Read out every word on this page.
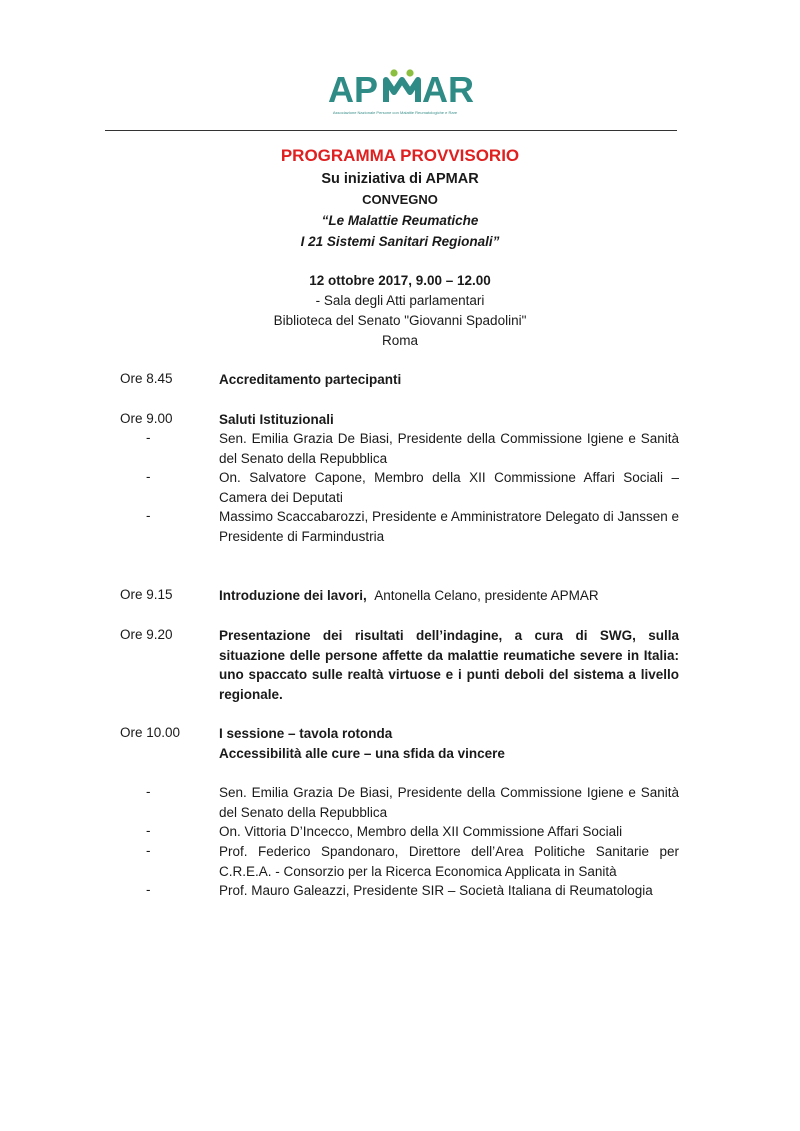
AP AR
Associazione Nazionale Persone con Malattie Reumatologiche e Rare
PROGRAMMA PROVVISORIO
Su iniziativa di APMAR
CONVEGNO
“Le Malattie Reumatiche
I 21 Sistemi Sanitari Regionali”
12 ottobre 2017, 9.00 – 12.00
- Sala degli Atti parlamentari
Biblioteca del Senato "Giovanni Spadolini"
Roma
Ore 8.45	Accreditamento partecipanti
Ore 9.00	Saluti Istituzionali
-	Sen. Emilia Grazia De Biasi, Presidente della Commissione Igiene e Sanità del Senato della Repubblica
-	On. Salvatore Capone, Membro della XII Commissione Affari Sociali – Camera dei Deputati
-	Massimo Scaccabarozzi, Presidente e Amministratore Delegato di Janssen e Presidente di Farmindustria
Ore 9.15	Introduzione dei lavori, Antonella Celano, presidente APMAR
Ore 9.20	Presentazione dei risultati dell’indagine, a cura di SWG, sulla situazione delle persone affette da malattie reumatiche severe in Italia: uno spaccato sulle realtà virtuose e i punti deboli del sistema a livello regionale.
Ore 10.00	I sessione – tavola rotonda
Accessibilità alle cure – una sfida da vincere
-	Sen. Emilia Grazia De Biasi, Presidente della Commissione Igiene e Sanità del Senato della Repubblica
-	On. Vittoria D’Incecco, Membro della XII Commissione Affari Sociali
-	Prof. Federico Spandonaro, Direttore dell’Area Politiche Sanitarie per C.R.E.A. - Consorzio per la Ricerca Economica Applicata in Sanità
-	Prof. Mauro Galeazzi, Presidente SIR – Società Italiana di Reumatologia
